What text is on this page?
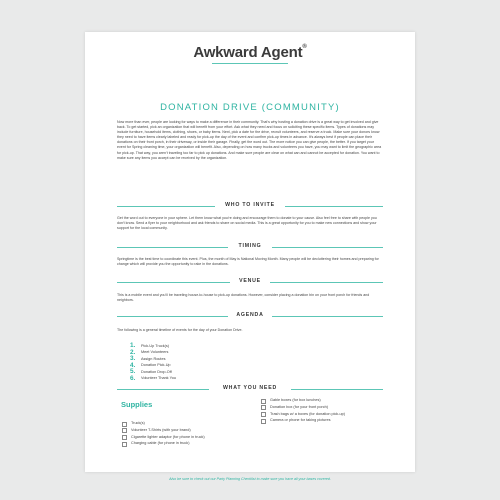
Awkward Agent®
DONATION DRIVE (COMMUNITY)
Now more than ever, people are looking for ways to make a difference in their community. That's why hosting a donation drive is a great way to get involved and give back. To get started, pick an organization that will benefit from your effort. Ask what they need and focus on soliciting these specific items. Types of donations may include furniture, household items, clothing, shoes, or baby items. Next, pick a date for the drive, recruit volunteers, and reserve a truck. Make sure your donors know they need to have items clearly labeled and ready for pick-up the day of the event and confirm pick-up times in advance. It's always best if people can place their donations on their front porch, in their driveway, or inside their garage. Finally, get the word out. The more notice you can give people, the better. If you target your event for Spring cleaning time, your organization will benefit. Also, depending on how many trucks and volunteers you have, you may want to limit the geographic area for pick-up. That way, you aren't traveling too far to pick up donations. And make sure people are clear on what can and cannot be accepted for donation. You want to make sure any items you accept can be received by the organization.
WHO TO INVITE
Get the word out to everyone in your sphere. Let them know what you're doing and encourage them to donate to your cause. Also feel free to share with people you don't know. Send a flyer to your neighborhood and ask friends to share on social media. This is a great opportunity for you to make new connections and show your support for the local community.
TIMING
Springtime is the best time to coordinate this event. Plus, the month of May is National Moving Month. Many people will be decluttering their homes and preparing for change which will provide you the opportunity to rake in the donations.
VENUE
This is a mobile event and you'll be traveling house-to-house to pick-up donations. However, consider placing a donation bin on your front porch for friends and neighbors.
AGENDA
The following is a general timeline of events for the day of your Donation Drive.
1. Pick-Up Truck(s)
2. Meet Volunteers
3. Assign Routes
4. Donation Pick-Up
5. Donation Drop-Off
6. Volunteer Thank You
WHAT YOU NEED
Supplies
Truck(s)
Volunteer T-Shirts (with your brand)
Cigarette lighter adaptor (for phone in truck)
Charging cable (for phone in truck)
Gable boxes (for box lunches)
Donation box (for your front porch)
Trash bags w/ a boxes (for donation pick-up)
Camera or phone for taking pictures
Also be sure to check out our Party Planning Checklist to make sure you have all your bases covered.
